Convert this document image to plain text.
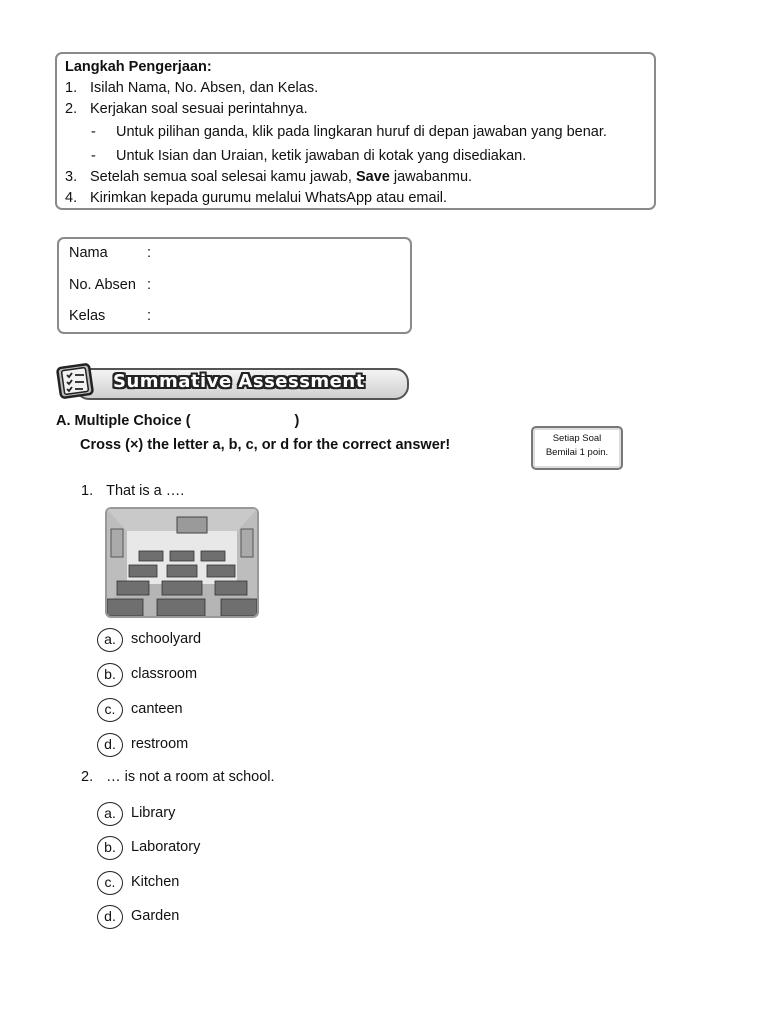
Langkah Pengerjaan:
1. Isilah Nama, No. Absen, dan Kelas.
2. Kerjakan soal sesuai perintahnya.
- Untuk pilihan ganda, klik pada lingkaran huruf di depan jawaban yang benar.
- Untuk Isian dan Uraian, ketik jawaban di kotak yang disediakan.
3. Setelah semua soal selesai kamu jawab, Save jawabanmu.
4. Kirimkan kepada gurumu melalui WhatsApp atau email.
Nama	:
No. Absen :
Kelas	:
Summative Assessment
A. Multiple Choice (	)
Cross (×) the letter a, b, c, or d for the correct answer!	Setiap Soal
Bemilai 1 poin.
1. That is a ….
a.	schoolyard
b.	classroom
c.	canteen
d.	restroom
2. … is not a room at school.
a.	Library
b.	Laboratory
c.	Kitchen
d.	Garden
